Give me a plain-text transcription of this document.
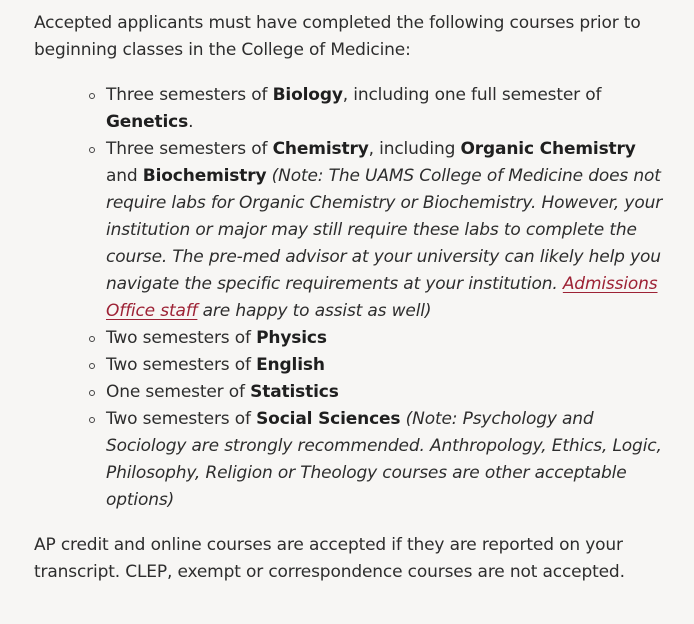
Accepted applicants must have completed the following courses prior to beginning classes in the College of Medicine:

Three semesters of Biology, including one full semester of Genetics.
Three semesters of Chemistry, including Organic Chemistry and Biochemistry (Note: The UAMS College of Medicine does not require labs for Organic Chemistry or Biochemistry. However, your institution or major may still require these labs to complete the course. The pre-med advisor at your university can likely help you navigate the specific requirements at your institution. Admissions Office staff are happy to assist as well)
Two semesters of Physics
Two semesters of English
One semester of Statistics
Two semesters of Social Sciences (Note: Psychology and Sociology are strongly recommended. Anthropology, Ethics, Logic, Philosophy, Religion or Theology courses are other acceptable options)

AP credit and online courses are accepted if they are reported on your transcript. CLEP, exempt or correspondence courses are not accepted.
